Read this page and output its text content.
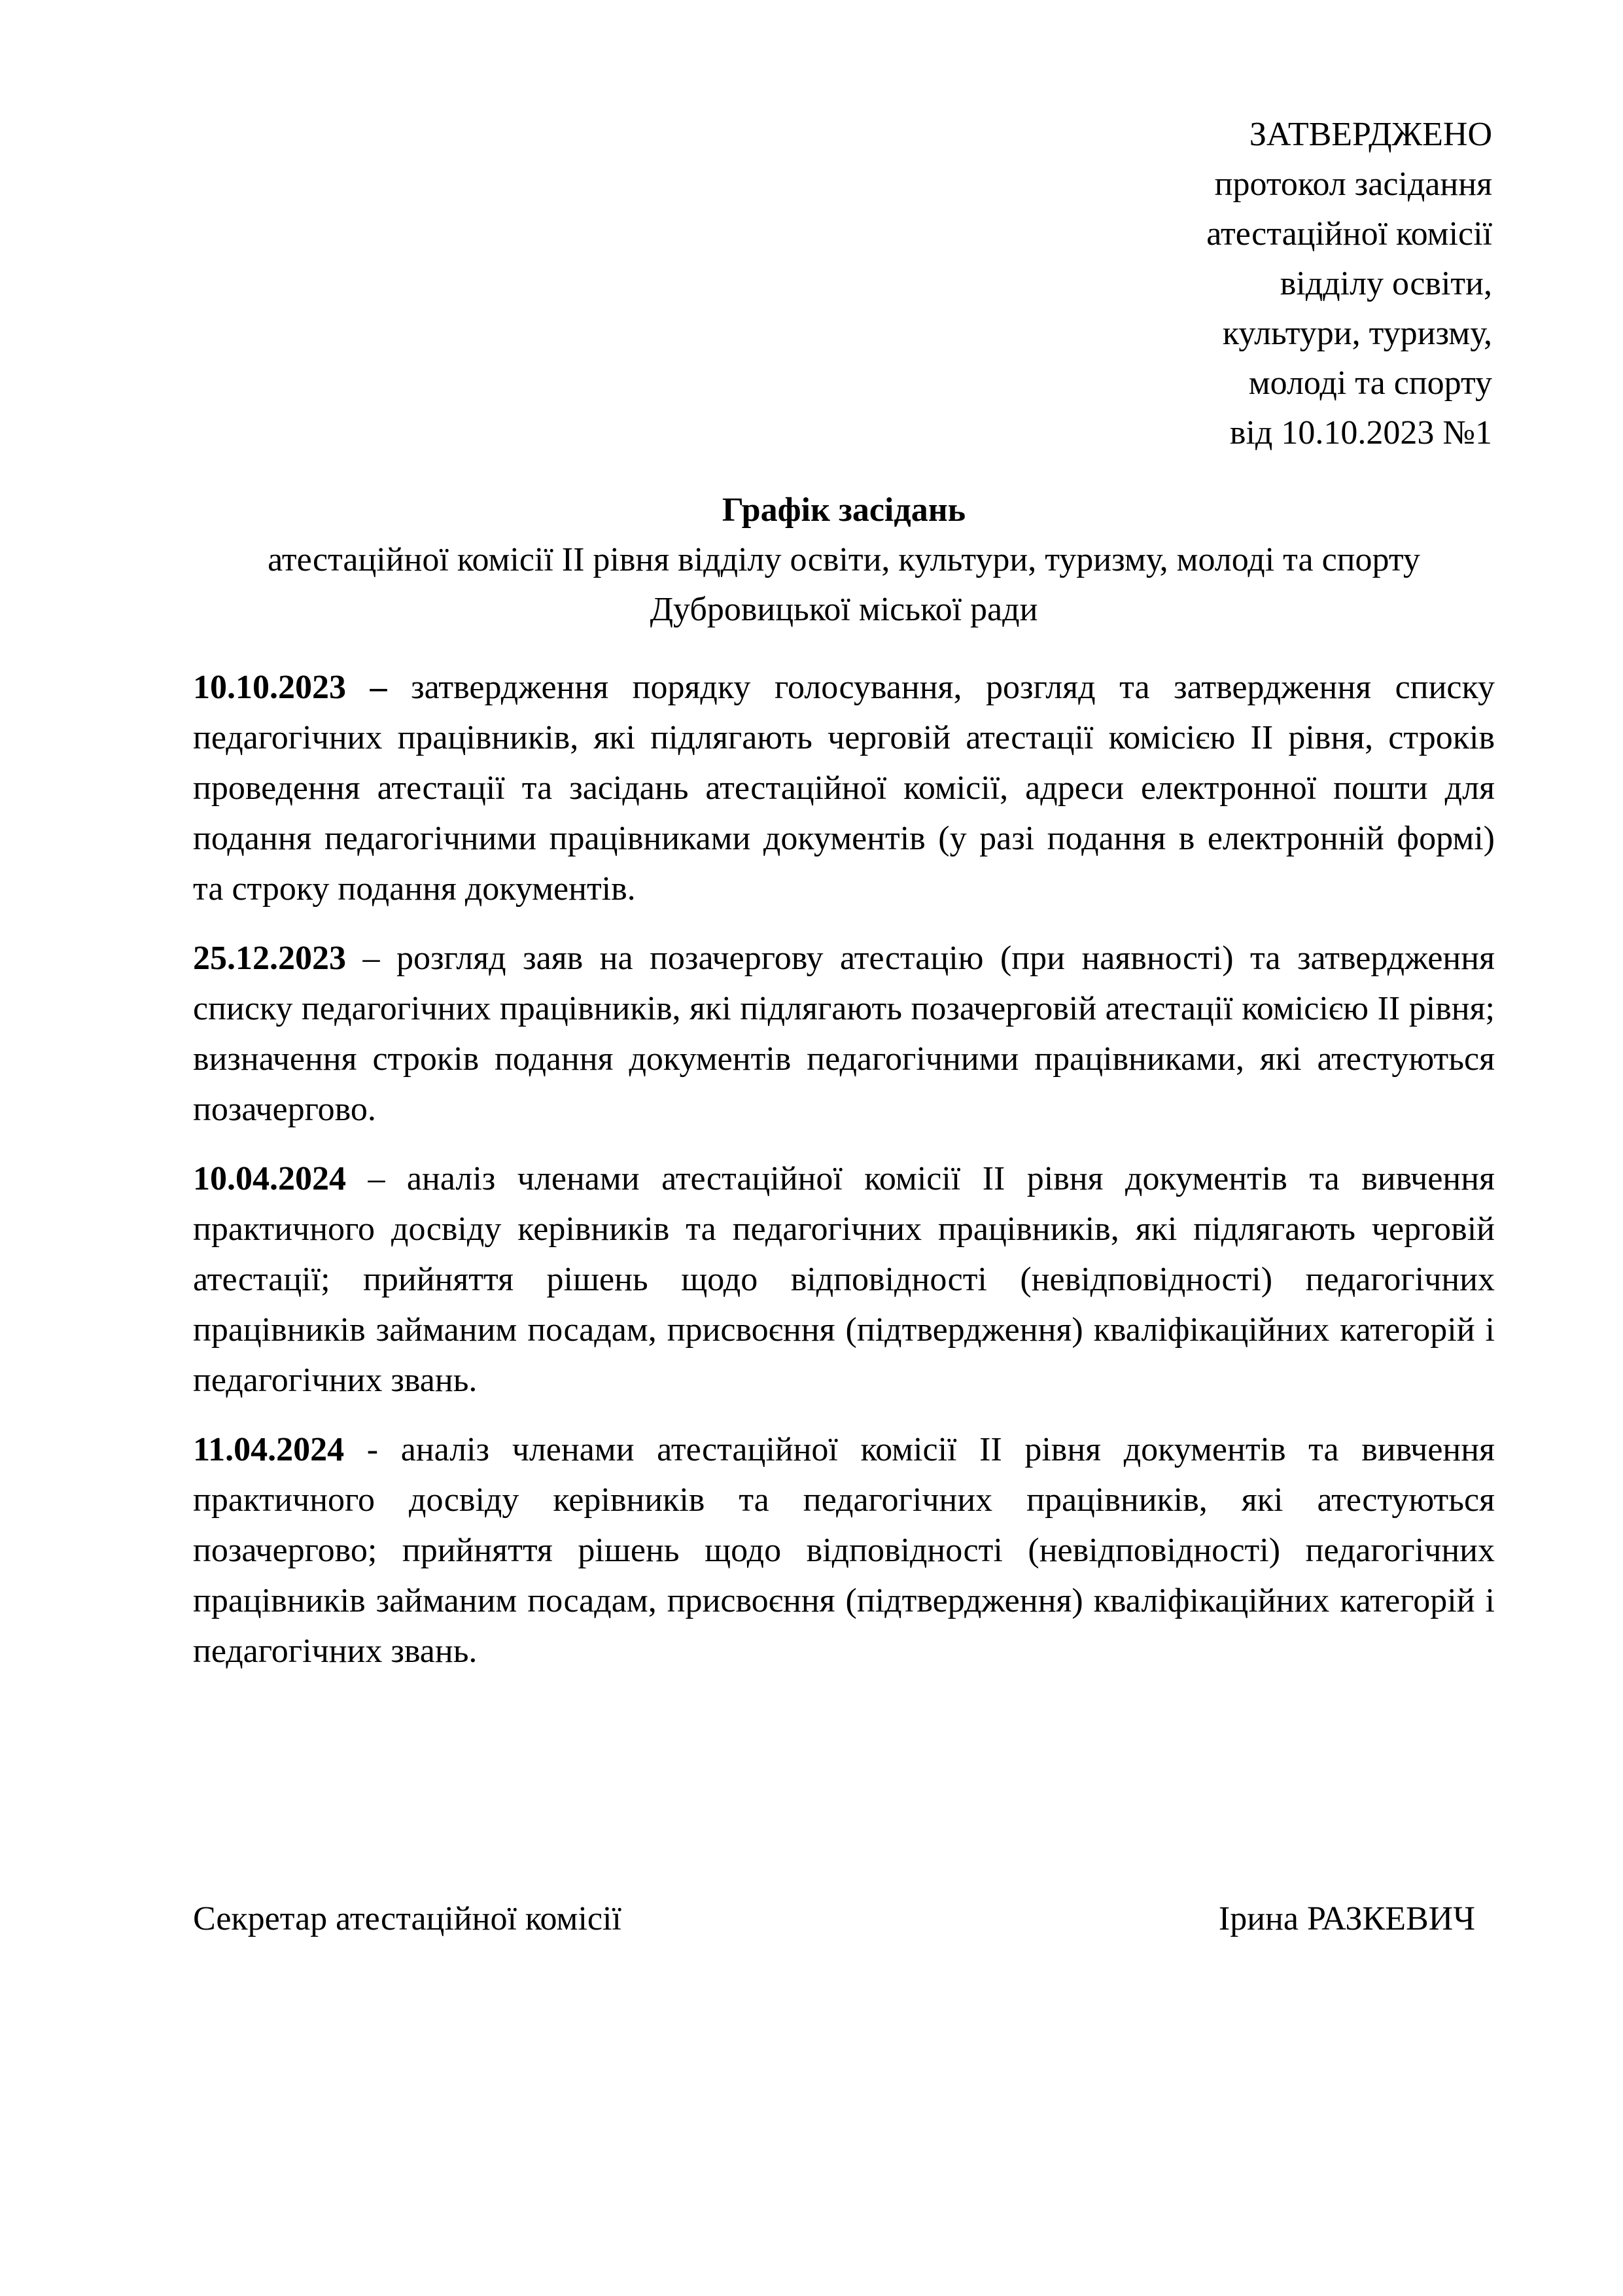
ЗАТВЕРДЖЕНО
протокол засідання
атестаційної комісії
відділу освіти,
культури, туризму,
молоді та спорту
від 10.10.2023 №1
Графік засідань
атестаційної комісії ІІ рівня відділу освіти, культури, туризму, молоді та спорту
Дубровицької міської ради

10.10.2023 – затвердження порядку голосування, розгляд та затвердження списку педагогічних працівників, які підлягають черговій атестації комісією ІІ рівня, строків проведення атестації та засідань атестаційної комісії, адреси електронної пошти для подання педагогічними працівниками документів (у разі подання в електронній формі) та строку подання документів.

25.12.2023 – розгляд заяв на позачергову атестацію (при наявності) та затвердження списку педагогічних працівників, які підлягають позачерговій атестації комісією ІІ рівня; визначення строків подання документів педагогічними працівниками, які атестуються позачергово.

10.04.2024 – аналіз членами атестаційної комісії ІІ рівня документів та вивчення практичного досвіду керівників та педагогічних працівників, які підлягають черговій атестації; прийняття рішень щодо відповідності (невідповідності) педагогічних працівників займаним посадам, присвоєння (підтвердження) кваліфікаційних категорій і педагогічних звань.

11.04.2024 - аналіз членами атестаційної комісії ІІ рівня документів та вивчення практичного досвіду керівників та педагогічних працівників, які атестуються позачергово; прийняття рішень щодо відповідності (невідповідності) педагогічних працівників займаним посадам, присвоєння (підтвердження) кваліфікаційних категорій і педагогічних звань.

Секретар атестаційної комісії	Ірина РАЗКЕВИЧ
